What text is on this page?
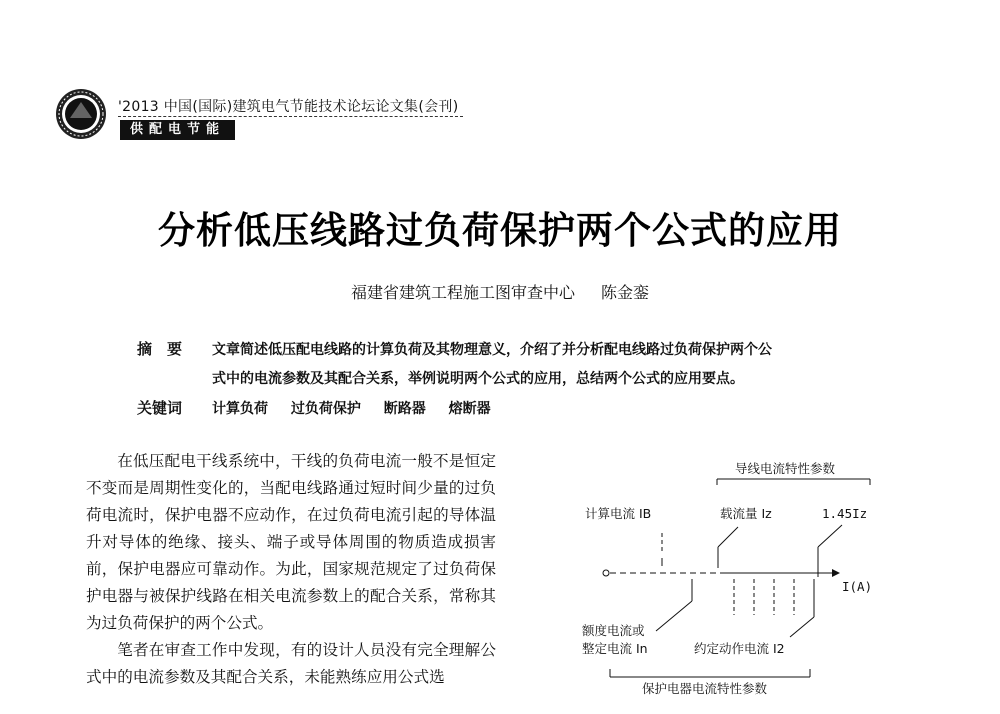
'2013 中国(国际)建筑电气节能技术论坛论文集(会刊)
供配电节能
分析低压线路过负荷保护两个公式的应用
福建省建筑工程施工图审查中心 陈金銮
摘　要 文章简述低压配电线路的计算负荷及其物理意义，介绍了并分析配电线路过负荷保护两个公
式中的电流参数及其配合关系，举例说明两个公式的应用，总结两个公式的应用要点。
关键词 计算负荷 过负荷保护 断路器 熔断器

在低压配电干线系统中，干线的负荷电流一般不是恒定不变而是周期性变化的，当配电线路通过短时间少量的过负荷电流时，保护电器不应动作，在过负荷电流引起的导体温升对导体的绝缘、接头、端子或导体周围的物质造成损害前，保护电器应可靠动作。为此，国家规范规定了过负荷保护电器与被保护线路在相关电流参数上的配合关系，常称其为过负荷保护的两个公式。

笔者在审查工作中发现，有的设计人员没有完全理解公式中的电流参数及其配合关系，未能熟练应用公式选

导线电流特性参数
计算电流 IB	载流量 Iz	1.45Iz
I(A)
额度电流或
整定电流 In	约定动作电流 I2
保护电器电流特性参数
